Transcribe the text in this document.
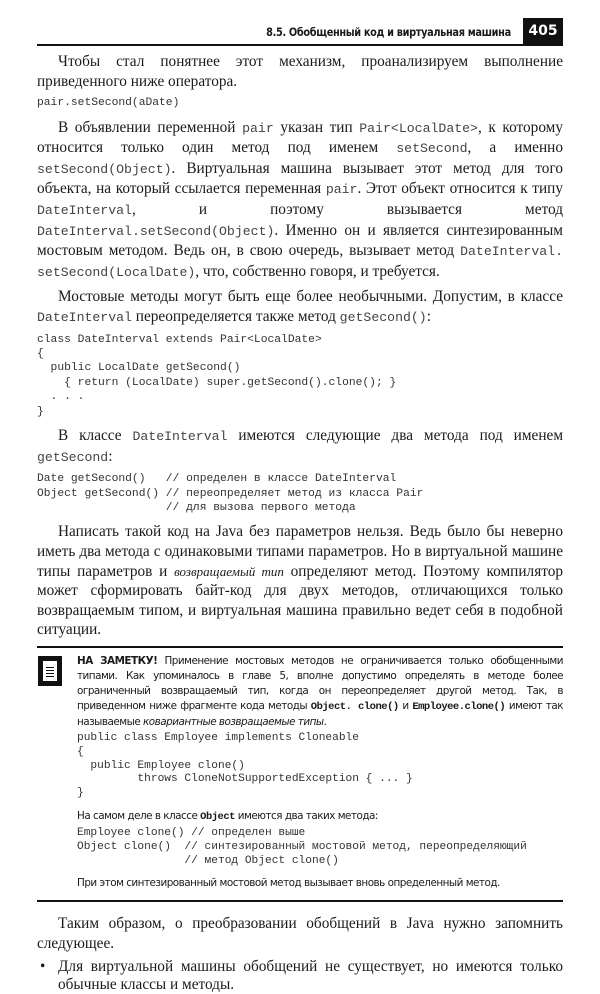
8.5. Обобщенный код и виртуальная машина	405

Чтобы стал понятнее этот механизм, проанализируем выполнение приведенного ниже оператора.

pair.setSecond(aDate)

В объявлении переменной pair указан тип Pair<LocalDate>, к которому относится только один метод под именем setSecond, а именно setSecond(Object). Виртуальная машина вызывает этот метод для того объекта, на который ссылается переменная pair. Этот объект относится к типу DateInterval, и поэтому вызывается метод DateInterval.setSecond(Object). Именно он и является синтезированным мостовым методом. Ведь он, в свою очередь, вызывает метод DateInterval. setSecond(LocalDate), что, собственно говоря, и требуется.

Мостовые методы могут быть еще более необычными. Допустим, в классе DateInterval переопределяется также метод getSecond():

class DateInterval extends Pair<LocalDate>
{
public LocalDate getSecond()
{ return (LocalDate) super.getSecond().clone(); }
. . .
}

В классе DateInterval имеются следующие два метода под именем getSecond:

Date getSecond()   // определен в классе DateInterval
Object getSecond() // переопределяет метод из класса Pair
// для вызова первого метода

Написать такой код на Java без параметров нельзя. Ведь было бы неверно иметь два метода с одинаковыми типами параметров. Но в виртуальной машине типы параметров и возвращаемый тип определяют метод. Поэтому компилятор может сформировать байт-код для двух методов, отличающихся только возвращаемым типом, и виртуальная машина правильно ведет себя в подобной ситуации.

НА ЗАМЕТКУ! Применение мостовых методов не ограничивается только обобщенными типами. Как упоминалось в главе 5, вполне допустимо определять в методе более ограниченный возвращаемый тип, когда он переопределяет другой метод. Так, в приведенном ниже фрагменте кода методы Object. clone() и Employee.clone() имеют так называемые ковариантные возвращаемые типы.

public class Employee implements Cloneable
{
public Employee clone()
throws CloneNotSupportedException { ... }
}

На самом деле в классе Object имеются два таких метода:

Employee clone() // определен выше
Object clone()  // синтезированный мостовой метод, переопределяющий
// метод Object clone()

При этом синтезированный мостовой метод вызывает вновь определенный метод.

Таким образом, о преобразовании обобщений в Java нужно запомнить следующее.

• Для виртуальной машины обобщений не существует, но имеются только обычные классы и методы.
